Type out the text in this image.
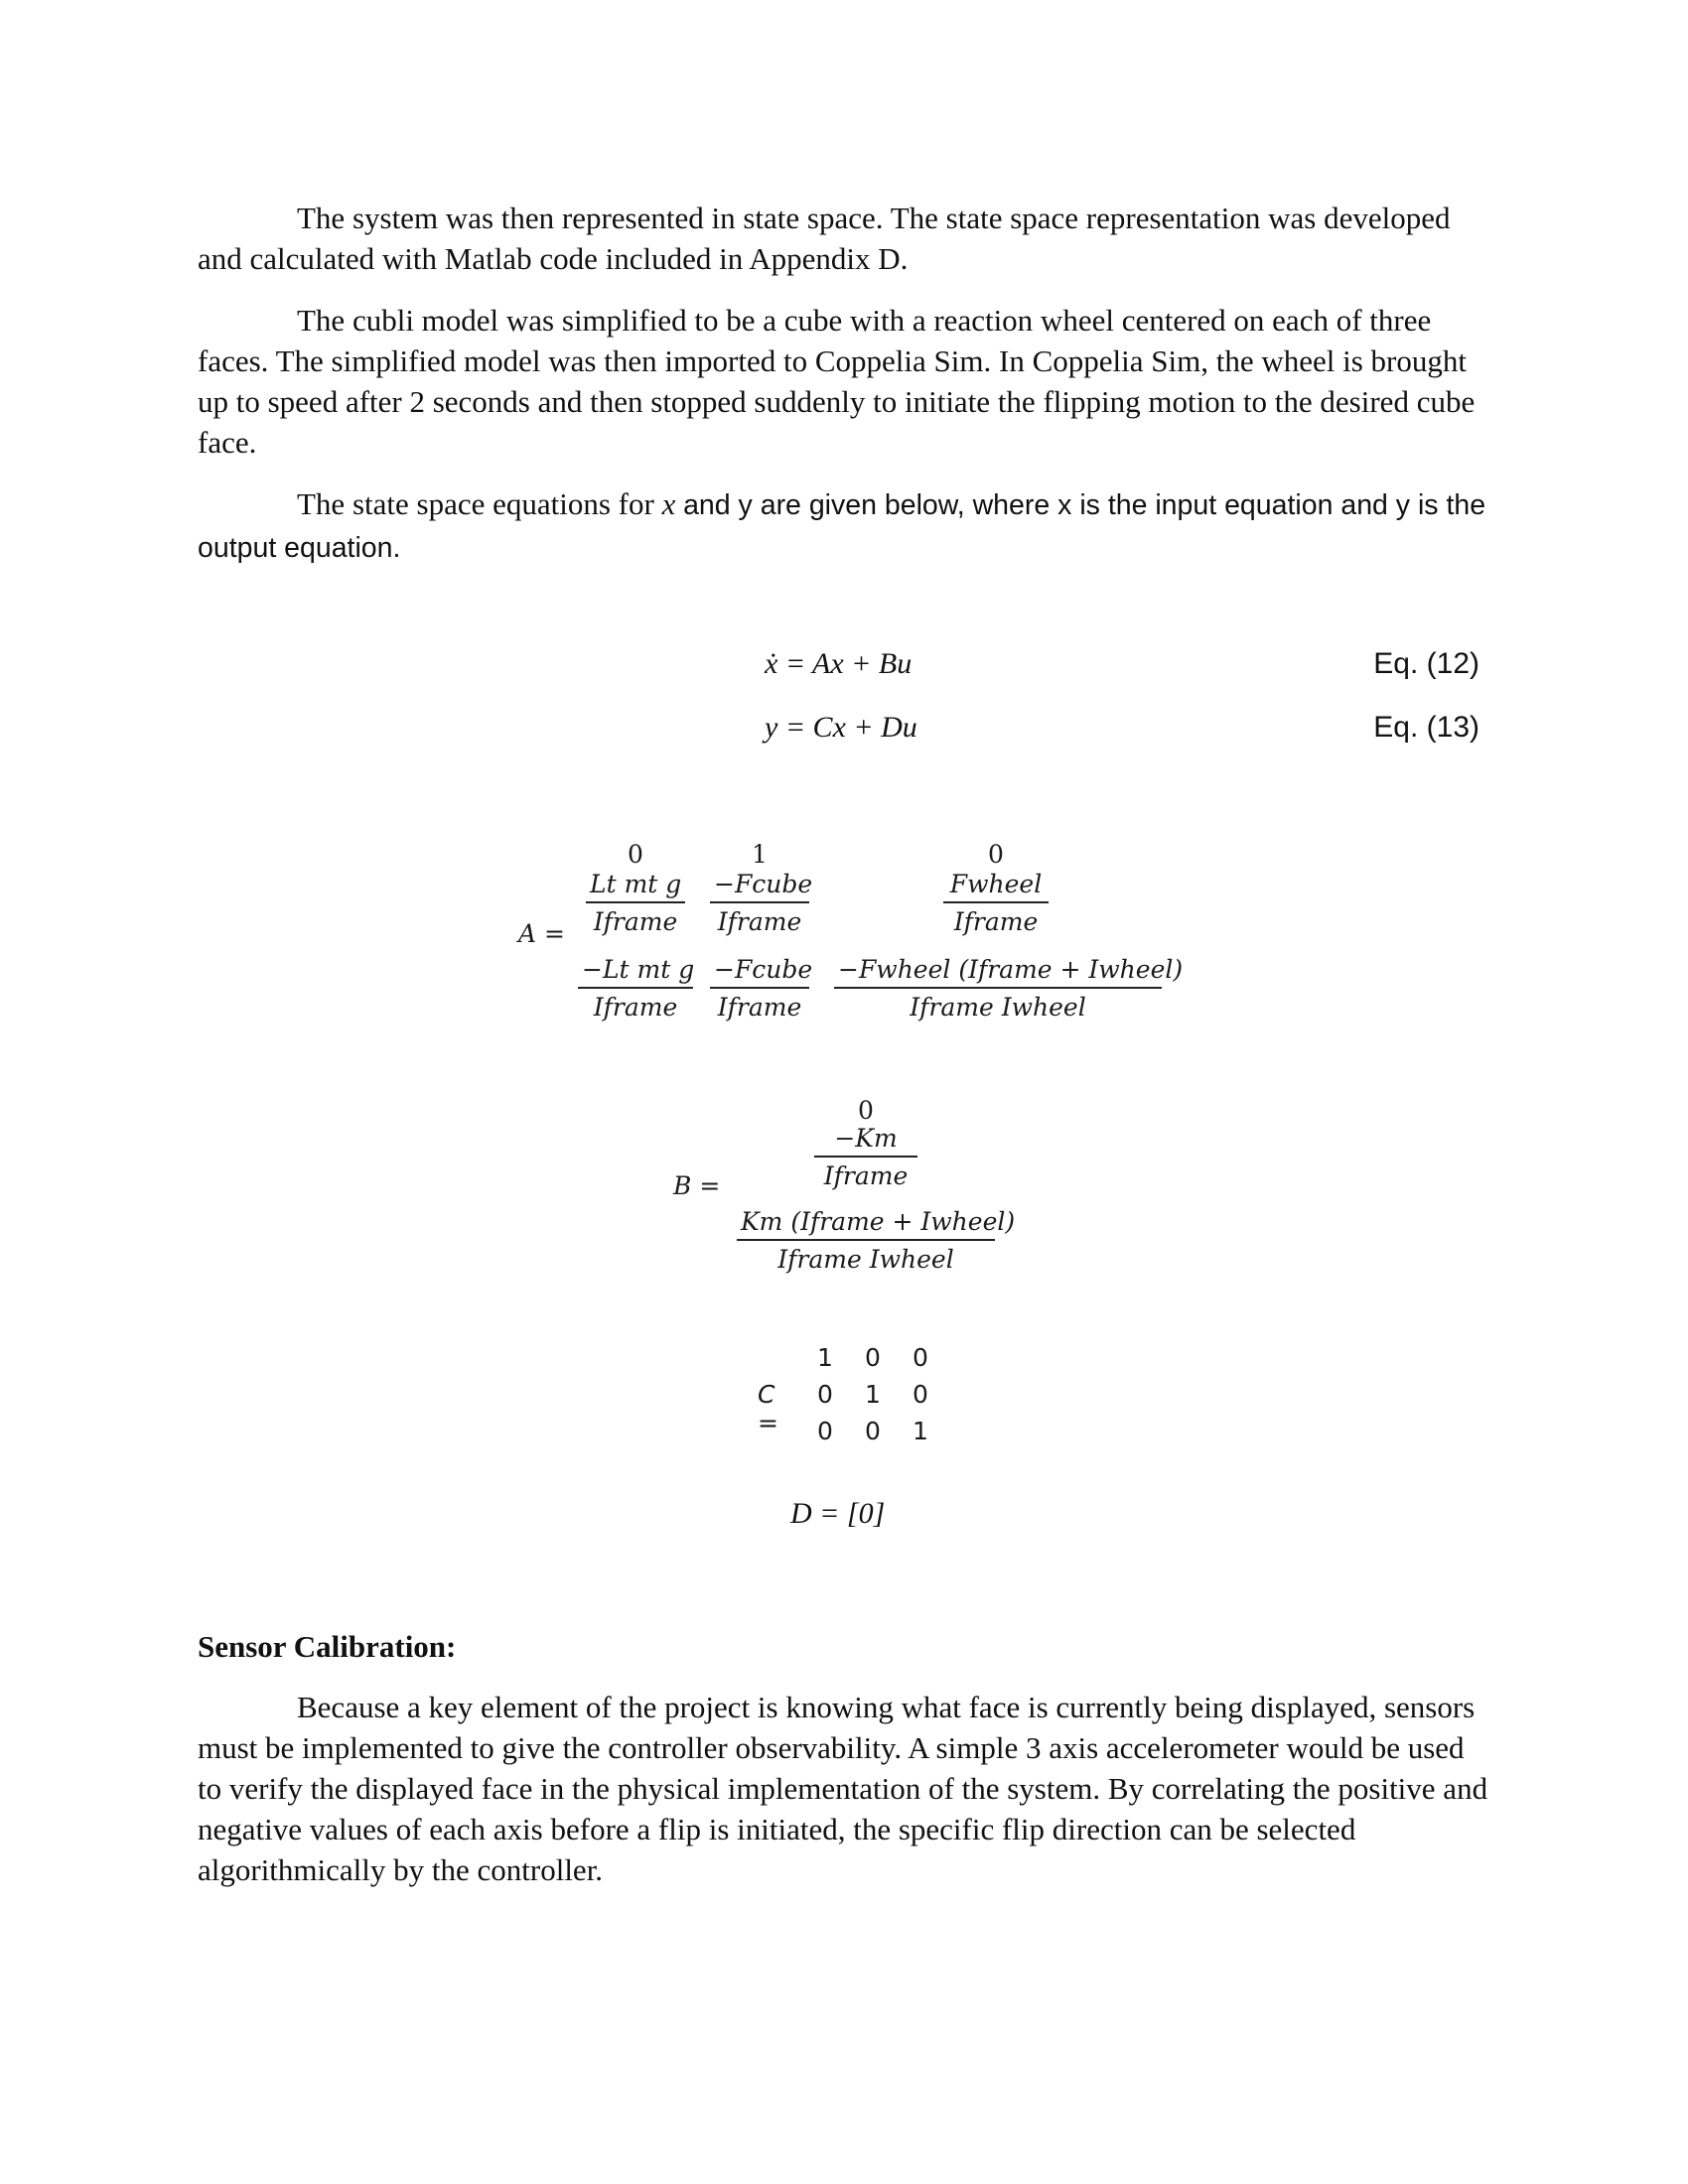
The system was then represented in state space. The state space representation was developed and calculated with Matlab code included in Appendix D.

The cubli model was simplified to be a cube with a reaction wheel centered on each of three faces. The simplified model was then imported to Coppelia Sim. In Coppelia Sim, the wheel is brought up to speed after 2 seconds and then stopped suddenly to initiate the flipping motion to the desired cube face.

The state space equations for x and y are given below, where x is the input equation and y is the output equation.

ẋ = Ax + Bu	Eq. (12)
y = Cx + Du	Eq. (13)
A =
0	1	0
Lt mt g
Iframe
−Fcube
Iframe
Fwheel
Iframe
−Lt mt g
Iframe
−Fcube
Iframe
−Fwheel (Iframe + Iwheel)
Iframe Iwheel
B =
0
−Km
Iframe
Km (Iframe + Iwheel)
Iframe Iwheel
C =
1 0 0
0 1 0
0 0 1
D = [0]
Sensor Calibration:

Because a key element of the project is knowing what face is currently being displayed, sensors must be implemented to give the controller observability. A simple 3 axis accelerometer would be used to verify the displayed face in the physical implementation of the system. By correlating the positive and negative values of each axis before a flip is initiated, the specific flip direction can be selected algorithmically by the controller.
